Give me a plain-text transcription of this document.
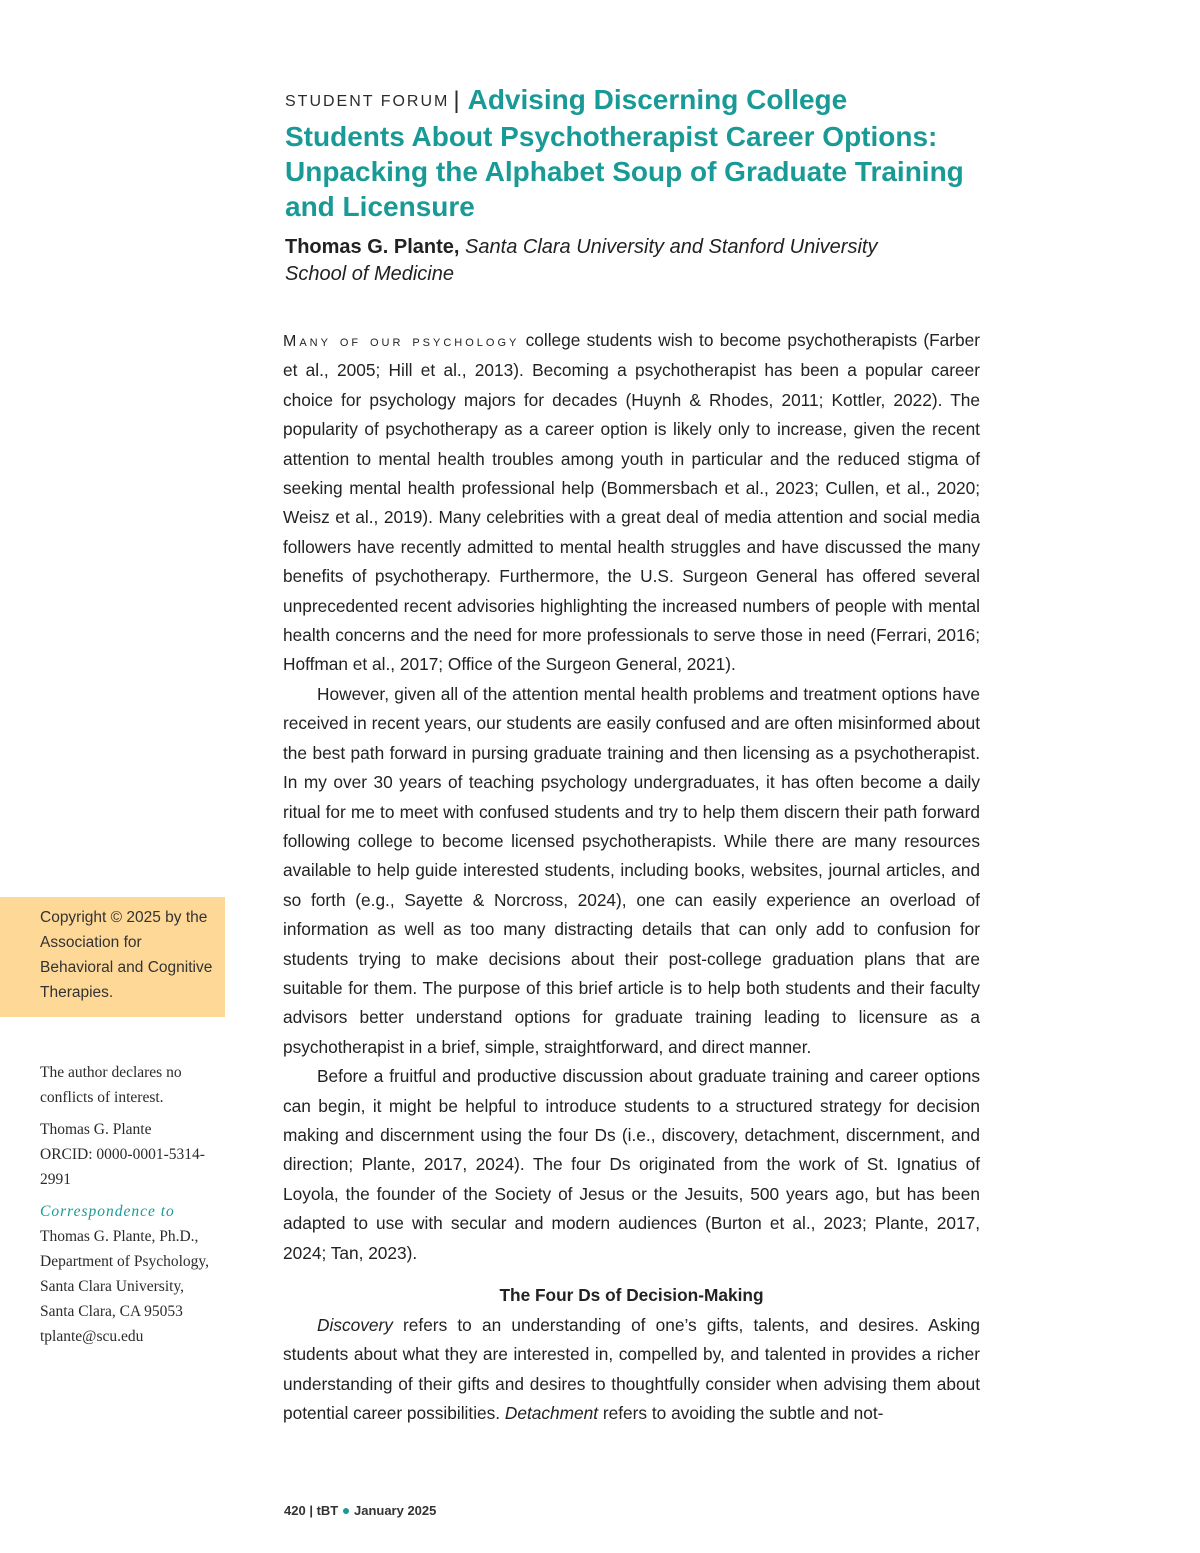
STUDENT FORUM | Advising Discerning College
Students About Psychotherapist Career Options:
Unpacking the Alphabet Soup of Graduate Training
and Licensure
Thomas G. Plante, Santa Clara University and Stanford University
School of Medicine

Many of our psychology college students wish to become psychotherapists (Farber et al., 2005; Hill et al., 2013). Becoming a psychotherapist has been a popular career choice for psychology majors for decades (Huynh & Rhodes, 2011; Kottler, 2022). The popularity of psychotherapy as a career option is likely only to increase, given the recent attention to mental health troubles among youth in particular and the reduced stigma of seeking mental health professional help (Bommersbach et al., 2023; Cullen, et al., 2020; Weisz et al., 2019). Many celebrities with a great deal of media attention and social media followers have recently admitted to mental health struggles and have discussed the many benefits of psychotherapy. Furthermore, the U.S. Surgeon General has offered several unprecedented recent advisories highlighting the increased numbers of people with mental health concerns and the need for more professionals to serve those in need (Ferrari, 2016; Hoffman et al., 2017; Office of the Surgeon General, 2021).

However, given all of the attention mental health problems and treatment options have received in recent years, our students are easily confused and are often misinformed about the best path forward in pursing graduate training and then licensing as a psychotherapist. In my over 30 years of teaching psychology undergraduates, it has often become a daily ritual for me to meet with confused students and try to help them discern their path forward following college to become licensed psychotherapists. While there are many resources available to help guide interested students, including books, websites, journal articles, and so forth (e.g., Sayette & Norcross, 2024), one can easily experience an overload of information as well as too many distracting details that can only add to confusion for students trying to make decisions about their post-college graduation plans that are suitable for them. The purpose of this brief article is to help both students and their faculty advisors better understand options for graduate training leading to licensure as a psychotherapist in a brief, simple, straightforward, and direct manner.

Before a fruitful and productive discussion about graduate training and career options can begin, it might be helpful to introduce students to a structured strategy for decision making and discernment using the four Ds (i.e., discovery, detachment, discernment, and direction; Plante, 2017, 2024). The four Ds originated from the work of St. Ignatius of Loyola, the founder of the Society of Jesus or the Jesuits, 500 years ago, but has been adapted to use with secular and modern audiences (Burton et al., 2023; Plante, 2017, 2024; Tan, 2023).

The Four Ds of Decision-Making

Discovery refers to an understanding of one’s gifts, talents, and desires. Asking students about what they are interested in, compelled by, and talented in provides a richer understanding of their gifts and desires to thoughtfully consider when advising them about potential career possibilities. Detachment refers to avoiding the subtle and not-

Copyright © 2025 by the Association for Behavioral and Cognitive Therapies.

The author declares no conflicts of interest.

Thomas G. Plante
ORCID: 0000-0001-5314-2991

Correspondence to

Thomas G. Plante, Ph.D.,
Department of Psychology,
Santa Clara University,
Santa Clara, CA 95053
tplante@scu.edu

420 | tBT ● January 2025
